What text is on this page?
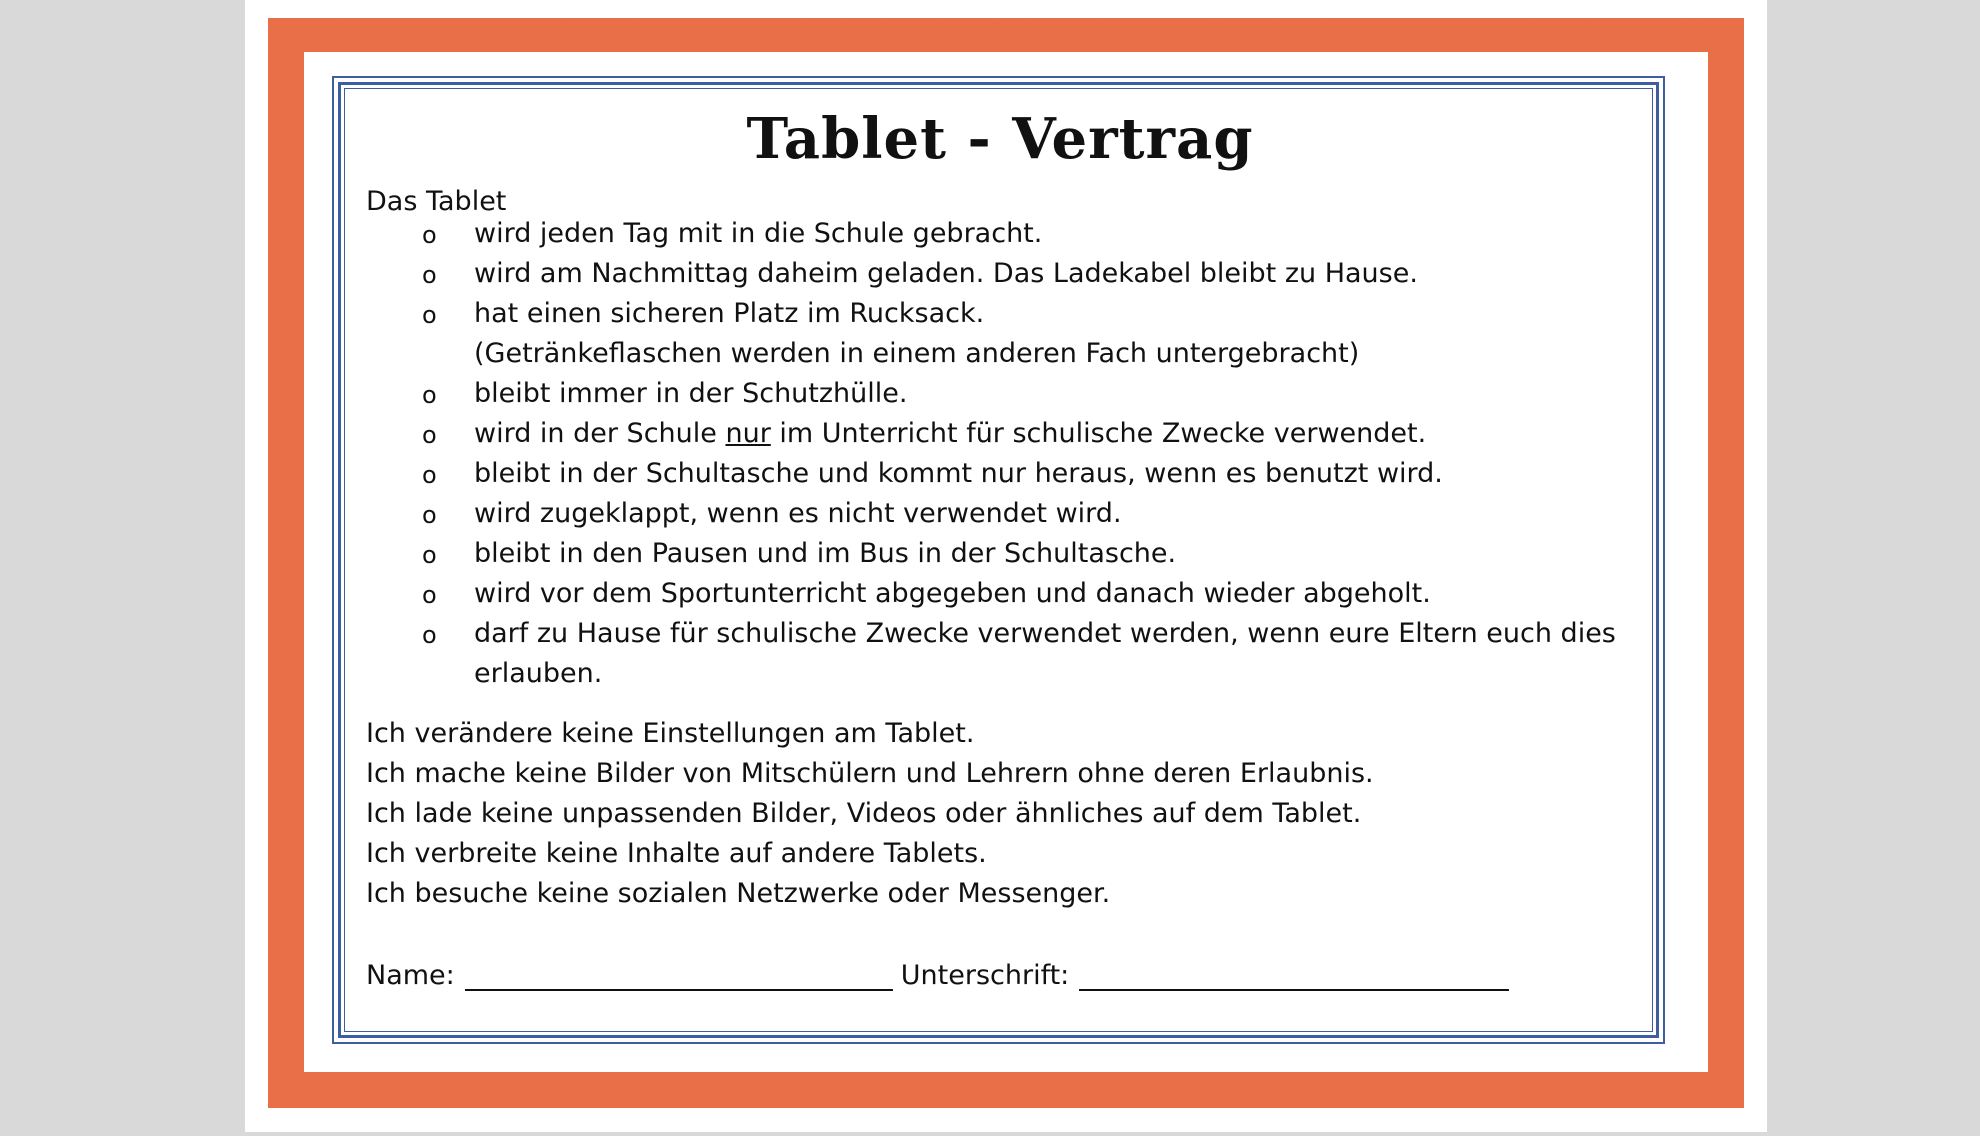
Tablet - Vertrag
Das Tablet
o wird jeden Tag mit in die Schule gebracht.
o wird am Nachmittag daheim geladen. Das Ladekabel bleibt zu Hause.
o hat einen sicheren Platz im Rucksack.
(Getränkeflaschen werden in einem anderen Fach untergebracht)
o bleibt immer in der Schutzhülle.
o wird in der Schule nur im Unterricht für schulische Zwecke verwendet.
o bleibt in der Schultasche und kommt nur heraus, wenn es benutzt wird.
o wird zugeklappt, wenn es nicht verwendet wird.
o bleibt in den Pausen und im Bus in der Schultasche.
o wird vor dem Sportunterricht abgegeben und danach wieder abgeholt.
o darf zu Hause für schulische Zwecke verwendet werden, wenn eure Eltern euch dies
erlauben.
Ich verändere keine Einstellungen am Tablet.
Ich mache keine Bilder von Mitschülern und Lehrern ohne deren Erlaubnis.
Ich lade keine unpassenden Bilder, Videos oder ähnliches auf dem Tablet.
Ich verbreite keine Inhalte auf andere Tablets.
Ich besuche keine sozialen Netzwerke oder Messenger.
Name:	Unterschrift:
